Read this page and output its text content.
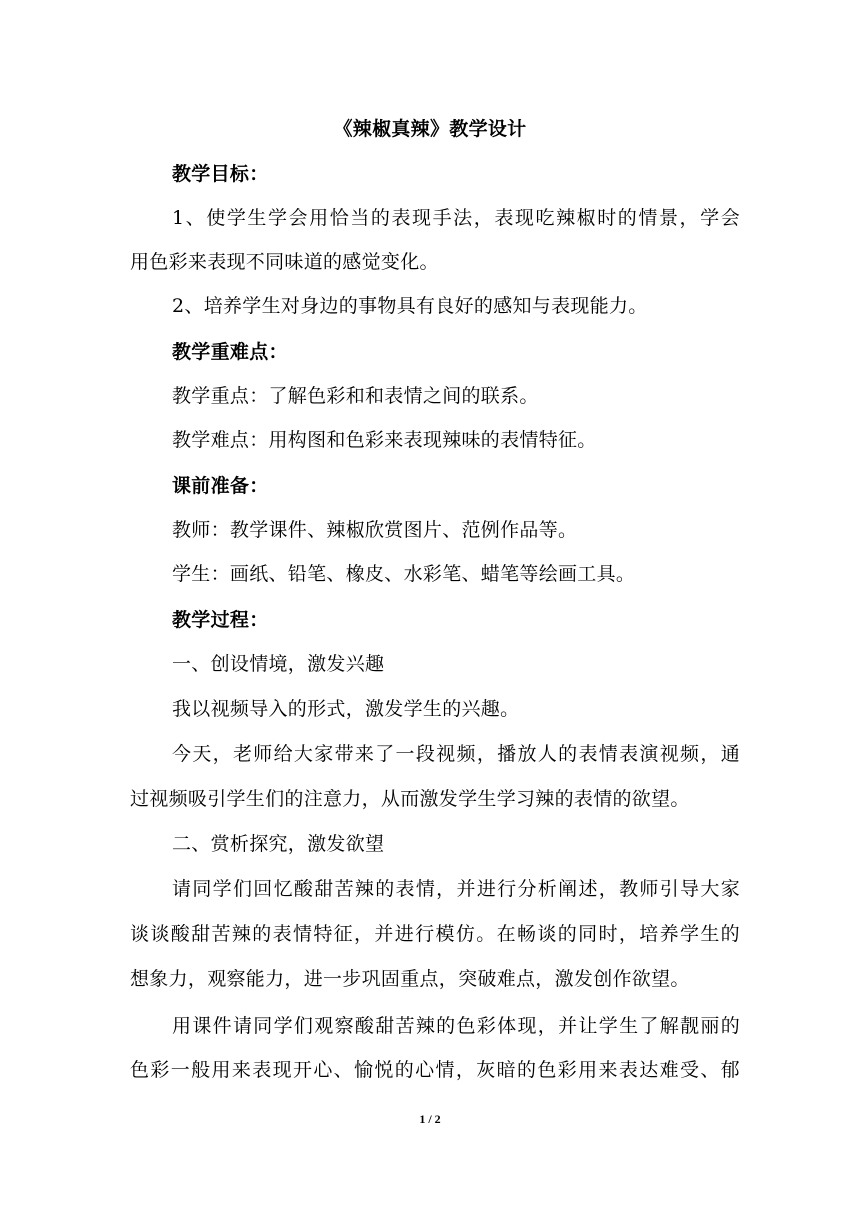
《辣椒真辣》教学设计
教学目标：
1、使学生学会用恰当的表现手法，表现吃辣椒时的情景，学会
用色彩来表现不同味道的感觉变化。
2、培养学生对身边的事物具有良好的感知与表现能力。
教学重难点：
教学重点：了解色彩和和表情之间的联系。
教学难点：用构图和色彩来表现辣味的表情特征。
课前准备：
教师：教学课件、辣椒欣赏图片、范例作品等。
学生：画纸、铅笔、橡皮、水彩笔、蜡笔等绘画工具。
教学过程：
一、创设情境，激发兴趣
我以视频导入的形式，激发学生的兴趣。
今天，老师给大家带来了一段视频，播放人的表情表演视频，通
过视频吸引学生们的注意力，从而激发学生学习辣的表情的欲望。
二、赏析探究，激发欲望
请同学们回忆酸甜苦辣的表情，并进行分析阐述，教师引导大家
谈谈酸甜苦辣的表情特征，并进行模仿。在畅谈的同时，培养学生的
想象力，观察能力，进一步巩固重点，突破难点，激发创作欲望。
用课件请同学们观察酸甜苦辣的色彩体现，并让学生了解靓丽的
色彩一般用来表现开心、愉悦的心情，灰暗的色彩用来表达难受、郁
1 / 2
